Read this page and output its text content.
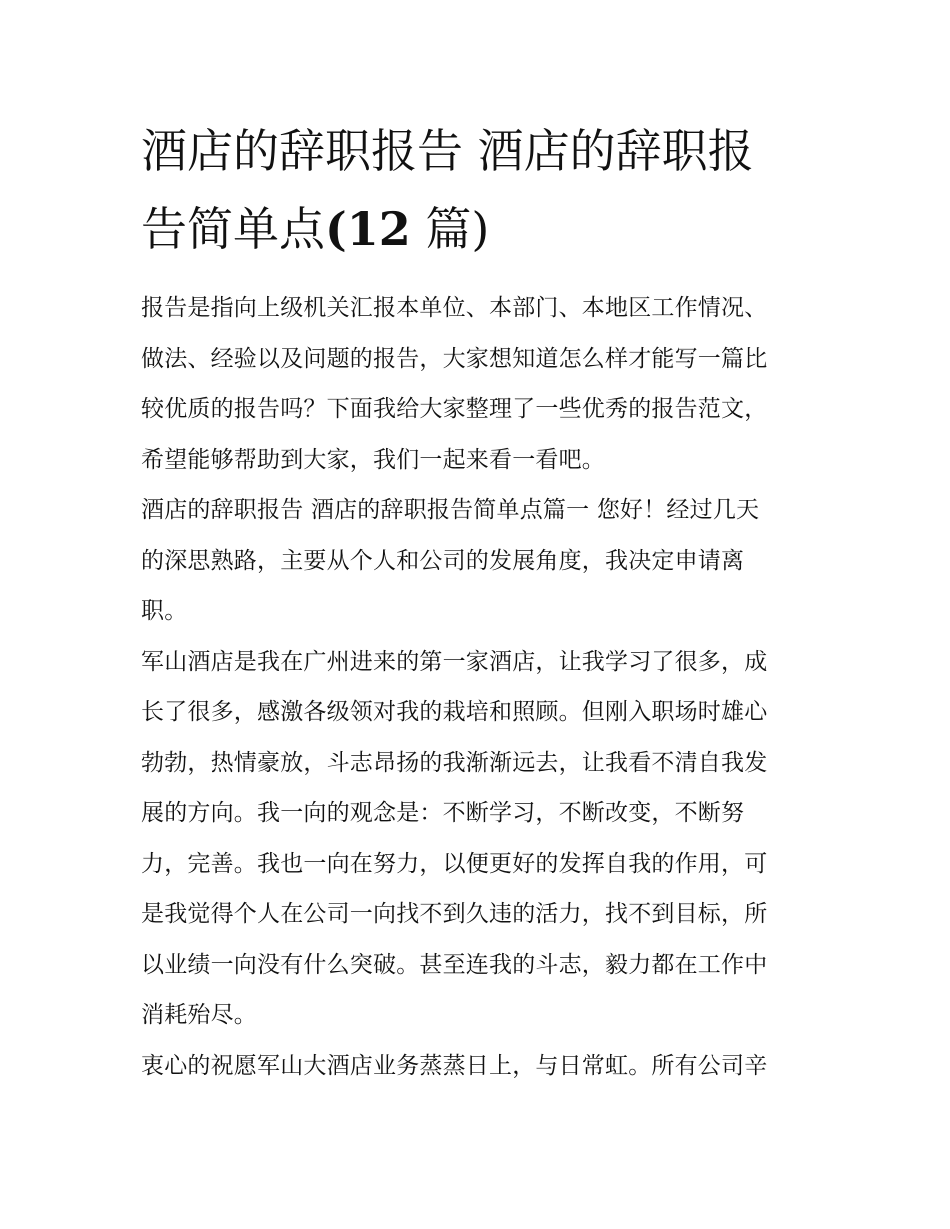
酒店的辞职报告 酒店的辞职报
告简单点(12 篇)
报告是指向上级机关汇报本单位、本部门、本地区工作情况、
做法、经验以及问题的报告，大家想知道怎么样才能写一篇比
较优质的报告吗？下面我给大家整理了一些优秀的报告范文，
希望能够帮助到大家，我们一起来看一看吧。
酒店的辞职报告 酒店的辞职报告简单点篇一 您好！经过几天
的深思熟路，主要从个人和公司的发展角度，我决定申请离
职。
军山酒店是我在广州进来的第一家酒店，让我学习了很多，成
长了很多，感激各级领对我的栽培和照顾。但刚入职场时雄心
勃勃，热情豪放，斗志昂扬的我渐渐远去，让我看不清自我发
展的方向。我一向的观念是：不断学习，不断改变，不断努
力，完善。我也一向在努力，以便更好的发挥自我的作用，可
是我觉得个人在公司一向找不到久违的活力，找不到目标，所
以业绩一向没有什么突破。甚至连我的斗志，毅力都在工作中
消耗殆尽。
衷心的祝愿军山大酒店业务蒸蒸日上，与日常虹。所有公司辛
